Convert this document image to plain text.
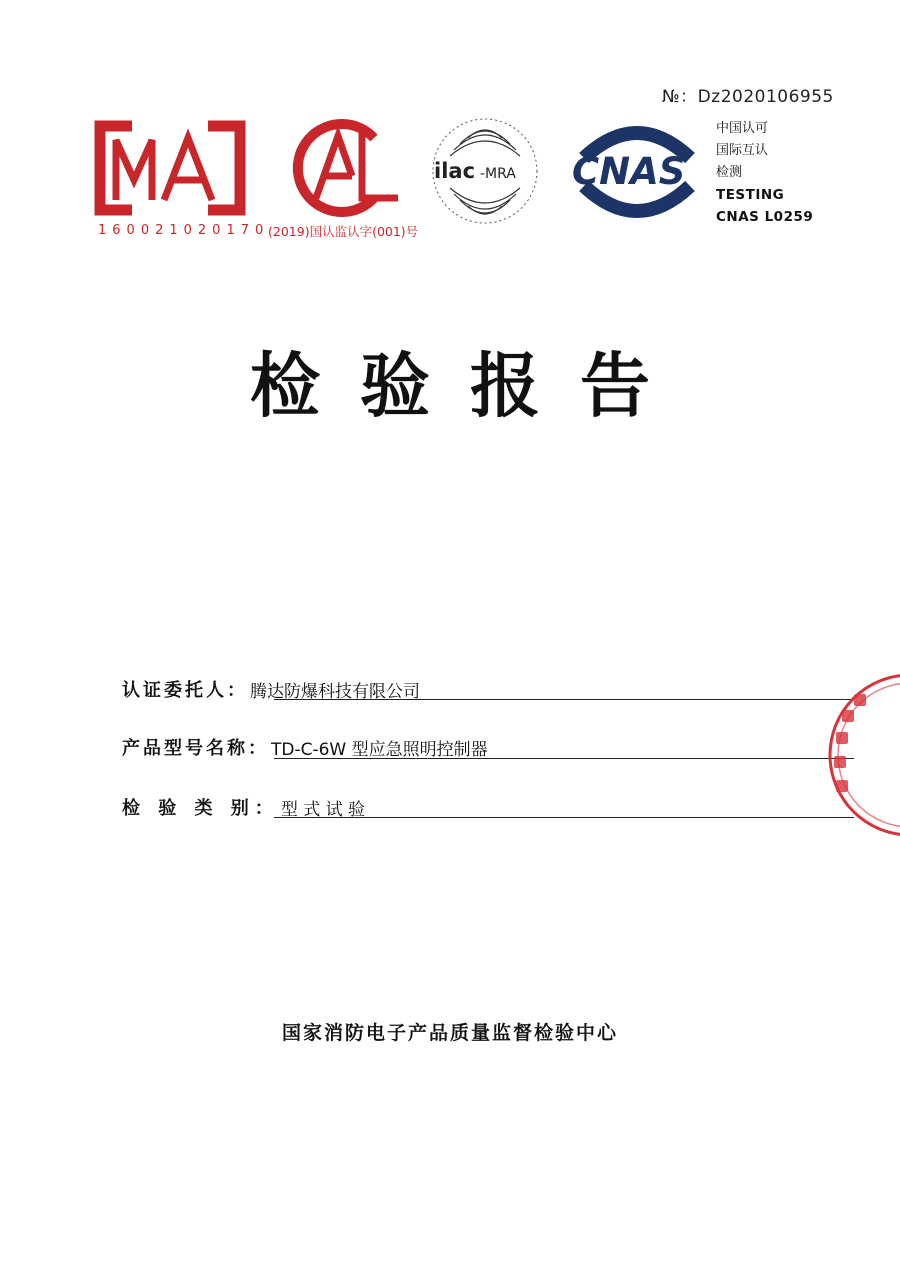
№：Dz2020106955
160021020170
(2019)国认监认字(001)号
ilac -MRA CNAS
中国认可
国际互认
检测
TESTING
CNAS L0259
检验报告
认证委托人： 腾达防爆科技有限公司
产品型号名称： TD-C-6W 型应急照明控制器
检 验 类 别： 型 式 试 验
国家消防电子产品质量监督检验中心
